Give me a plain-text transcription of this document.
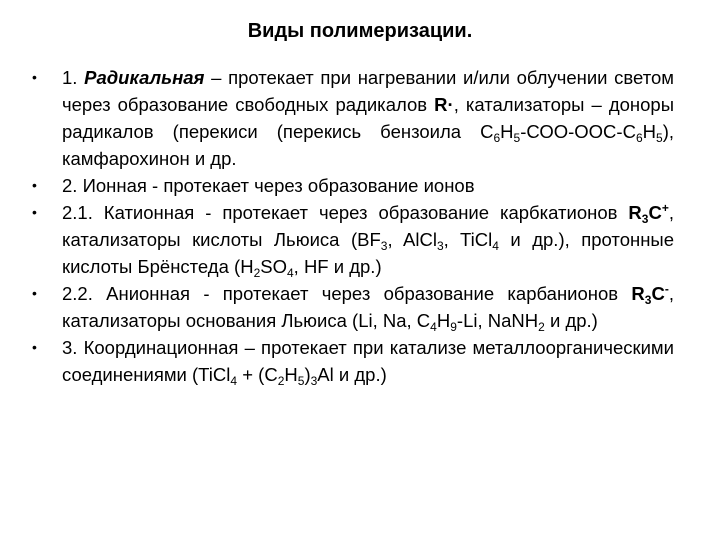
Виды полимеризации.
• 1. Радикальная – протекает при нагревании и/или облучении светом через образование свободных радикалов R·, катализаторы – доноры радикалов (перекиси (перекись бензоила $С_6Н_5-СОО-ООС-С_6Н_5$), камфарохинон и др.
• 2. Ионная - протекает через образование ионов
• 2.1. Катионная - протекает через образование карбкатионов $R_3C^+$, катализаторы кислоты Льюиса ($BF_3$, AlCl$_3$, TiCl$_4$ и др.), протонные кислоты Брёнстеда ($H_2SO_4$, HF и др.)
• 2.2. Анионная - протекает через образование карбанионов $R_3C^-$, катализаторы основания Льюиса (Li, Na, $C_4H_9-Li$, NaNH$_2$ и др.)
• 3. Координационная – протекает при катализе металлоорганическими соединениями (TiCl$_4$ + $(C_2H_5)_3Al$ и др.)
